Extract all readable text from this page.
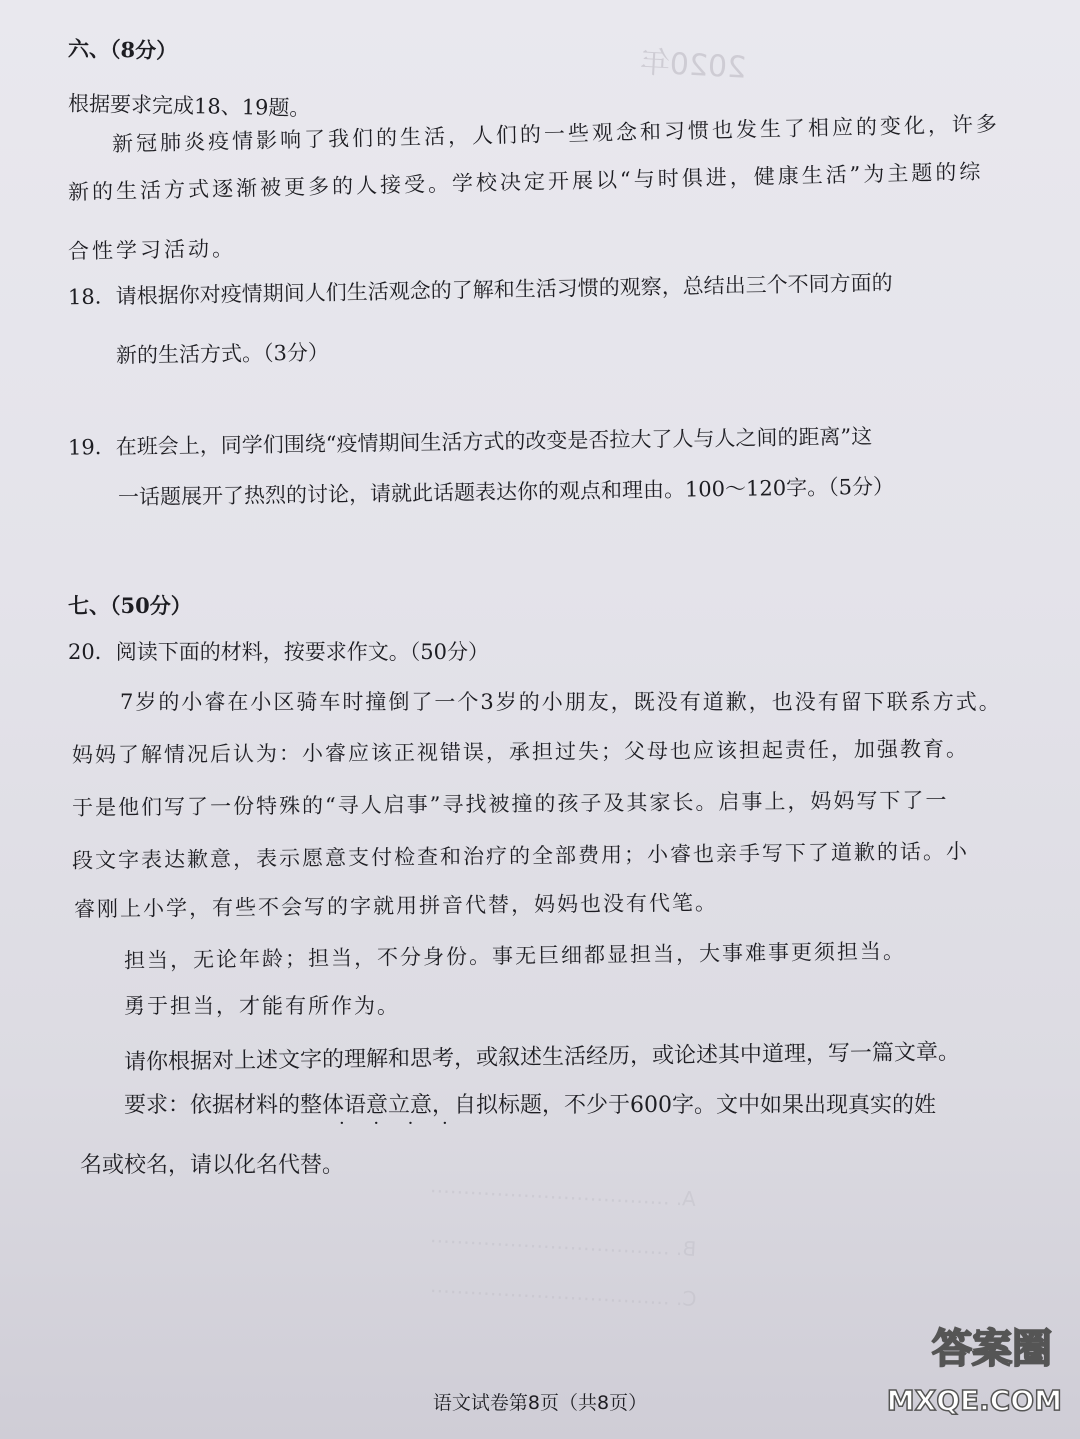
2020年
A. ………………………………
B. ………………………………
C. ………………………………
六、（8分）
根据要求完成18、19题。
新冠肺炎疫情影响了我们的生活，人们的一些观念和习惯也发生了相应的变化，许多
新的生活方式逐渐被更多的人接受。学校决定开展以“与时俱进，健康生活”为主题的综
合性学习活动。
18．请根据你对疫情期间人们生活观念的了解和生活习惯的观察，总结出三个不同方面的
新的生活方式。（3分）
19．在班会上，同学们围绕“疫情期间生活方式的改变是否拉大了人与人之间的距离”这
一话题展开了热烈的讨论，请就此话题表达你的观点和理由。100～120字。（5分）
七、（50分）
20．阅读下面的材料，按要求作文。（50分）
7岁的小睿在小区骑车时撞倒了一个3岁的小朋友，既没有道歉，也没有留下联系方式。
妈妈了解情况后认为：小睿应该正视错误，承担过失；父母也应该担起责任，加强教育。
于是他们写了一份特殊的“寻人启事”寻找被撞的孩子及其家长。启事上，妈妈写下了一
段文字表达歉意，表示愿意支付检查和治疗的全部费用；小睿也亲手写下了道歉的话。小
睿刚上小学，有些不会写的字就用拼音代替，妈妈也没有代笔。
担当，无论年龄；担当，不分身份。事无巨细都显担当，大事难事更须担当。
勇于担当，才能有所作为。
请你根据对上述文字的理解和思考，或叙述生活经历，或论述其中道理，写一篇文章。
要求：依据材料的整体语意立意，自拟标题，不少于600字。文中如果出现真实的姓
·     ·     ·     ·
名或校名，请以化名代替。
语文试卷第8页（共8页）
答案圈
MXQE.COM
